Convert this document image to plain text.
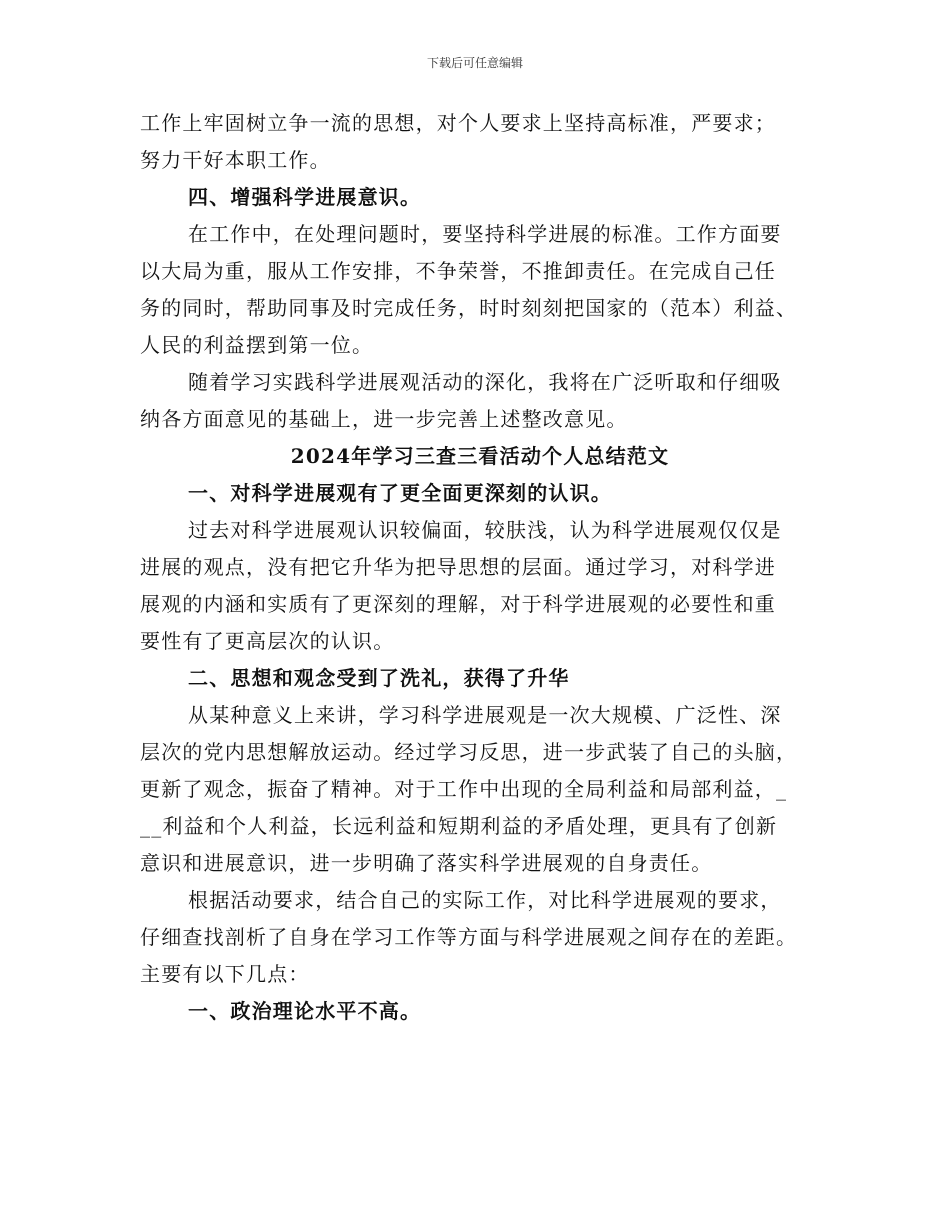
下载后可任意编辑
工作上牢固树立争一流的思想，对个人要求上坚持高标准，严要求；
努力干好本职工作。
四、增强科学进展意识。
在工作中，在处理问题时，要坚持科学进展的标准。工作方面要
以大局为重，服从工作安排，不争荣誉，不推卸责任。在完成自己任
务的同时，帮助同事及时完成任务，时时刻刻把国家的（范本）利益、
人民的利益摆到第一位。
随着学习实践科学进展观活动的深化，我将在广泛听取和仔细吸
纳各方面意见的基础上，进一步完善上述整改意见。
2024年学习三查三看活动个人总结范文
一、对科学进展观有了更全面更深刻的认识。
过去对科学进展观认识较偏面，较肤浅，认为科学进展观仅仅是
进展的观点，没有把它升华为把导思想的层面。通过学习，对科学进
展观的内涵和实质有了更深刻的理解，对于科学进展观的必要性和重
要性有了更高层次的认识。
二、思想和观念受到了洗礼，获得了升华
从某种意义上来讲，学习科学进展观是一次大规模、广泛性、深
层次的党内思想解放运动。经过学习反思，进一步武装了自己的头脑，
更新了观念，振奋了精神。对于工作中出现的全局利益和局部利益，_
__利益和个人利益，长远利益和短期利益的矛盾处理，更具有了创新
意识和进展意识，进一步明确了落实科学进展观的自身责任。
根据活动要求，结合自己的实际工作，对比科学进展观的要求，
仔细查找剖析了自身在学习工作等方面与科学进展观之间存在的差距。
主要有以下几点：
一、政治理论水平不高。
